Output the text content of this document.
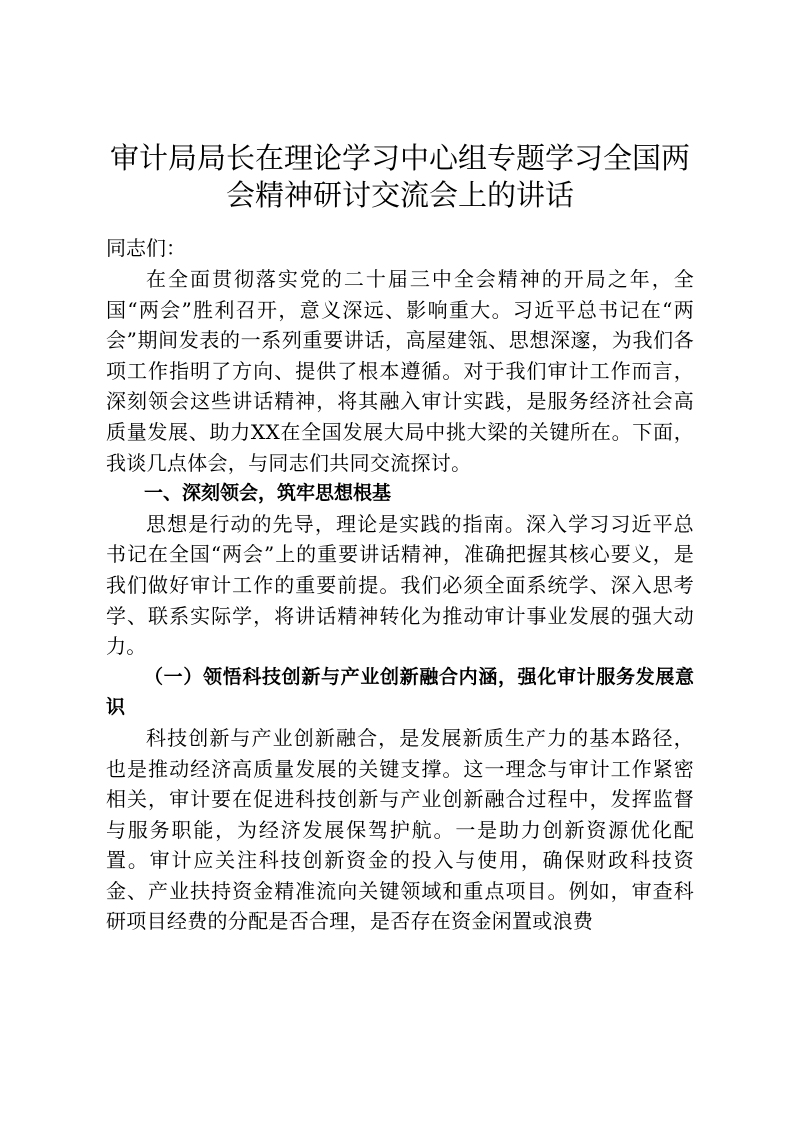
审计局局长在理论学习中心组专题学习全国两
会精神研讨交流会上的讲话
同志们：

在全面贯彻落实党的二十届三中全会精神的开局之年，全国“两会”胜利召开，意义深远、影响重大。习近平总书记在“两会”期间发表的一系列重要讲话，高屋建瓴、思想深邃，为我们各项工作指明了方向、提供了根本遵循。对于我们审计工作而言，深刻领会这些讲话精神，将其融入审计实践，是服务经济社会高质量发展、助力XX在全国发展大局中挑大梁的关键所在。下面，我谈几点体会，与同志们共同交流探讨。

一、深刻领会，筑牢思想根基

思想是行动的先导，理论是实践的指南。深入学习习近平总书记在全国“两会”上的重要讲话精神，准确把握其核心要义，是我们做好审计工作的重要前提。我们必须全面系统学、深入思考学、联系实际学，将讲话精神转化为推动审计事业发展的强大动力。

（一）领悟科技创新与产业创新融合内涵，强化审计服务发展意识

科技创新与产业创新融合，是发展新质生产力的基本路径，也是推动经济高质量发展的关键支撑。这一理念与审计工作紧密相关，审计要在促进科技创新与产业创新融合过程中，发挥监督与服务职能，为经济发展保驾护航。一是助力创新资源优化配置。审计应关注科技创新资金的投入与使用，确保财政科技资金、产业扶持资金精准流向关键领域和重点项目。例如，审查科研项目经费的分配是否合理，是否存在资金闲置或浪费
